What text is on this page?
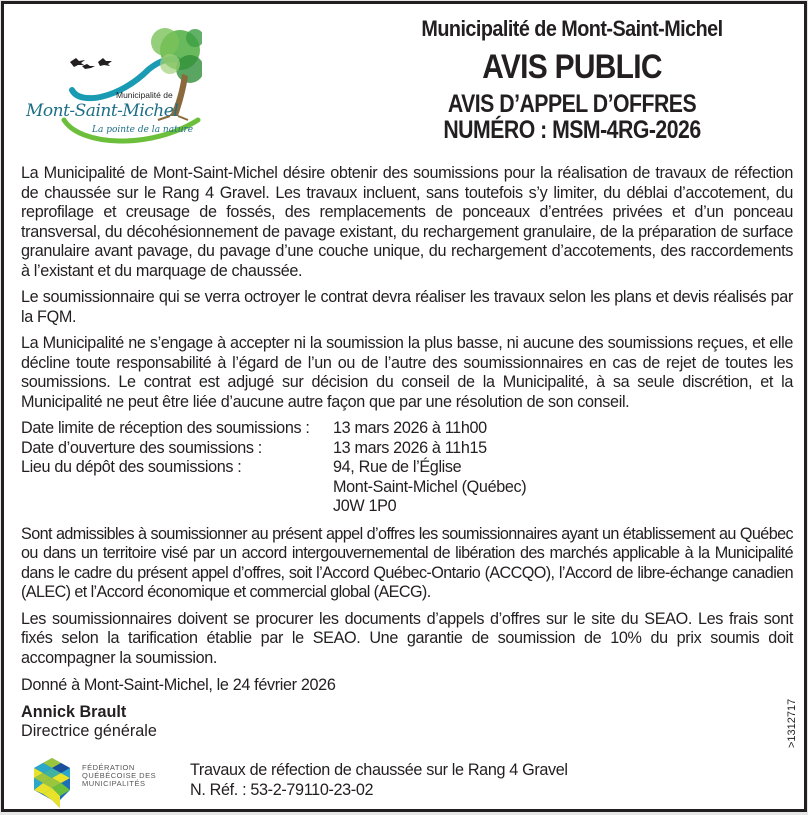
Municipalité de
Mont-Saint-Michel
La pointe de la nature
Municipalité de Mont-Saint-Michel
AVIS PUBLIC
AVIS D’APPEL D’OFFRES
NUMÉRO : MSM-4RG-2026

La Municipalité de Mont-Saint-Michel désire obtenir des soumissions pour la réalisation de travaux de réfection de chaussée sur le Rang 4 Gravel. Les travaux incluent, sans toutefois s’y limiter, du déblai d’accotement, du reprofilage et creusage de fossés, des remplacements de ponceaux d’entrées privées et d’un ponceau transversal, du décohésionnement de pavage existant, du rechargement granulaire, de la préparation de surface granulaire avant pavage, du pavage d’une couche unique, du rechargement d’accotements, des raccordements à l’existant et du marquage de chaussée.

Le soumissionnaire qui se verra octroyer le contrat devra réaliser les travaux selon les plans et devis réalisés par la FQM.

La Municipalité ne s’engage à accepter ni la soumission la plus basse, ni aucune des soumissions reçues, et elle décline toute responsabilité à l’égard de l’un ou de l’autre des soumissionnaires en cas de rejet de toutes les soumissions. Le contrat est adjugé sur décision du conseil de la Municipalité, à sa seule discrétion, et la Municipalité ne peut être liée d’aucune autre façon que par une résolution de son conseil.

Date limite de réception des soumissions :	13 mars 2026 à 11h00
Date d’ouverture des soumissions :	13 mars 2026 à 11h15
Lieu du dépôt des soumissions :	94, Rue de l’Église
Mont-Saint-Michel (Québec)
J0W 1P0

Sont admissibles à soumissionner au présent appel d’offres les soumissionnaires ayant un établissement au Québec ou dans un territoire visé par un accord intergouvernemental de libération des marchés applicable à la Municipalité dans le cadre du présent appel d’offres, soit l’Accord Québec-Ontario (ACCQO), l’Accord de libre-échange canadien (ALEC) et l’Accord économique et commercial global (AECG).

Les soumissionnaires doivent se procurer les documents d’appels d’offres sur le site du SEAO. Les frais sont fixés selon la tarification établie par le SEAO. Une garantie de soumission de 10% du prix soumis doit accompagner la soumission.

Donné à Mont-Saint-Michel, le 24 février 2026

Annick Brault
Directrice générale
FÉDÉRATION
QUÉBÉCOISE DES
MUNICIPALITÉS
Travaux de réfection de chaussée sur le Rang 4 Gravel
N. Réf. : 53-2-79110-23-02
>1312717
